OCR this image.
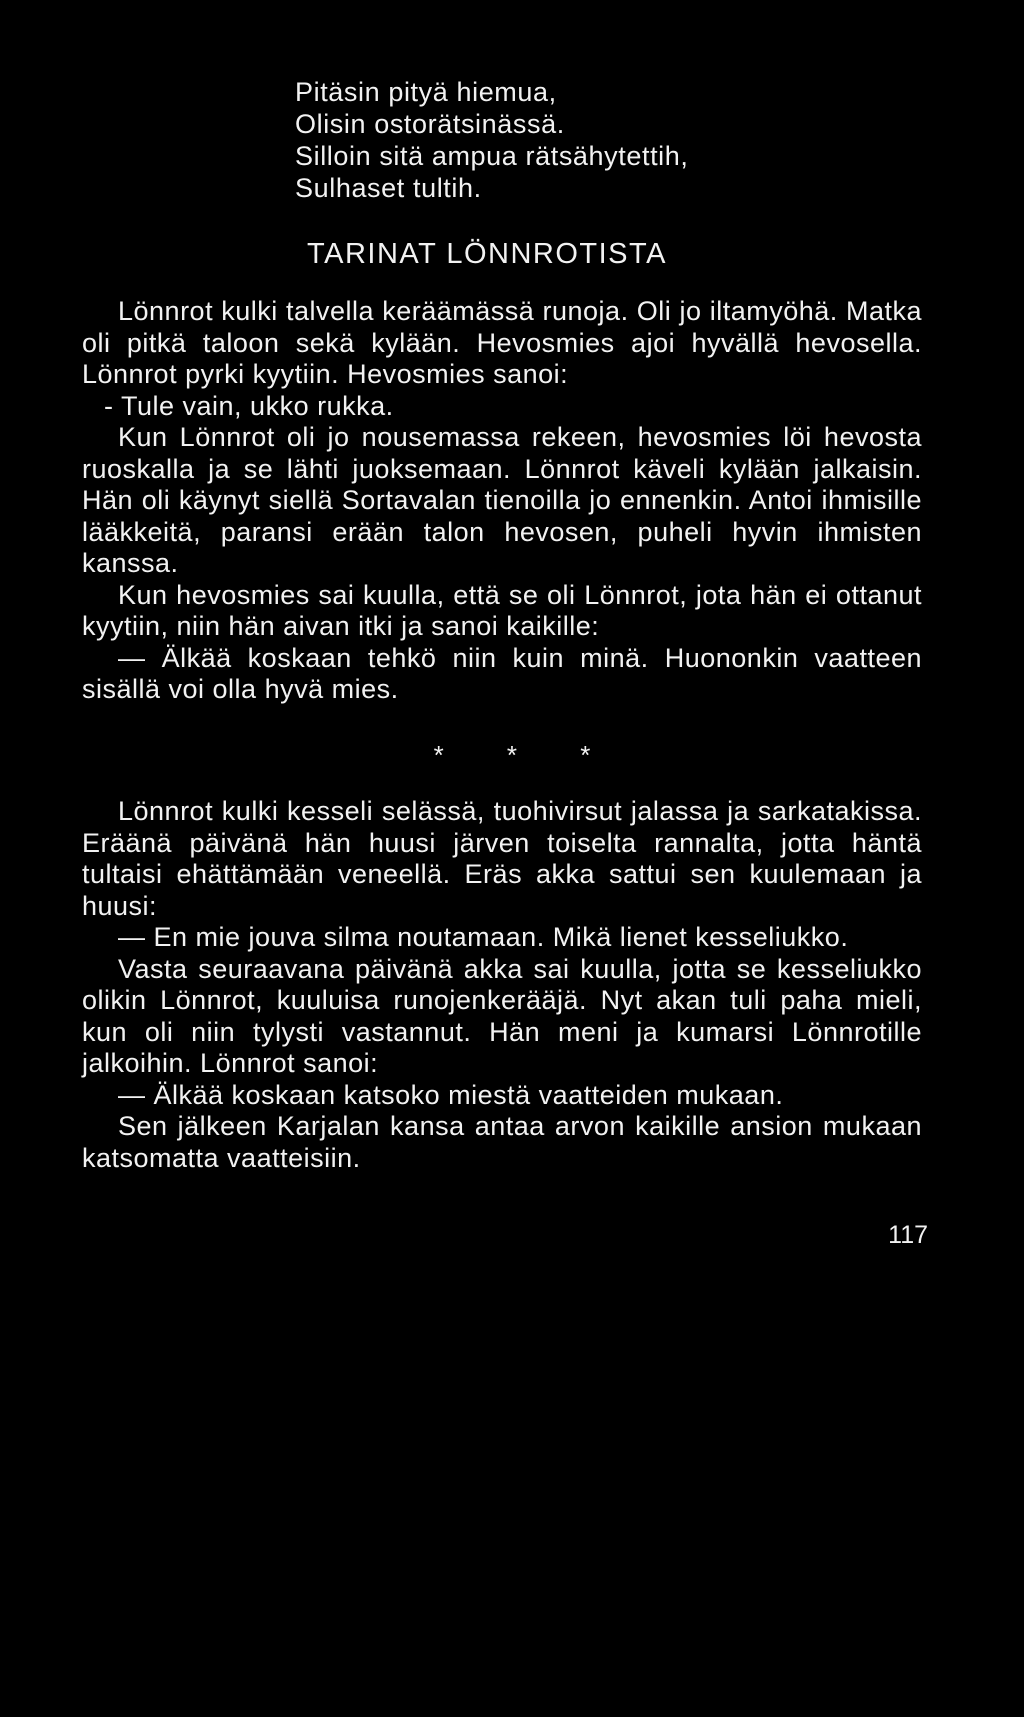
Pitäsin pityä hiemua,
Olisin ostorätsinässä.
Silloin sitä ampua rätsähytettih,
Sulhaset tultih.
TARINAT LÖNNROTISTA

Lönnrot kulki talvella keräämässä runoja. Oli jo iltamyöhä. Matka oli pitkä taloon sekä kylään. Hevosmies ajoi hyvällä hevosella. Lönnrot pyrki kyytiin. Hevosmies sanoi:

- Tule vain, ukko rukka.

Kun Lönnrot oli jo nousemassa rekeen, hevosmies löi hevosta ruoskalla ja se lähti juoksemaan. Lönnrot käveli kylään jalkaisin. Hän oli käynyt siellä Sortavalan tienoilla jo ennenkin. Antoi ihmisille lääkkeitä, paransi erään talon hevosen, puheli hyvin ihmisten kanssa.

Kun hevosmies sai kuulla, että se oli Lönnrot, jota hän ei ottanut kyytiin, niin hän aivan itki ja sanoi kaikille:

— Älkää koskaan tehkö niin kuin minä. Huononkin vaatteen sisällä voi olla hyvä mies.

* * *

Lönnrot kulki kesseli selässä, tuohivirsut jalassa ja sarkatakissa. Eräänä päivänä hän huusi järven toiselta rannalta, jotta häntä tultaisi ehättämään veneellä. Eräs akka sattui sen kuulemaan ja huusi:

— En mie jouva silma noutamaan. Mikä lienet kesseliukko.

Vasta seuraavana päivänä akka sai kuulla, jotta se kesseliukko olikin Lönnrot, kuuluisa runojenkerääjä. Nyt akan tuli paha mieli, kun oli niin tylysti vastannut. Hän meni ja kumarsi Lönnrotille jalkoihin. Lönnrot sanoi:

— Älkää koskaan katsoko miestä vaatteiden mukaan.

Sen jälkeen Karjalan kansa antaa arvon kaikille ansion mukaan katsomatta vaatteisiin.

117
